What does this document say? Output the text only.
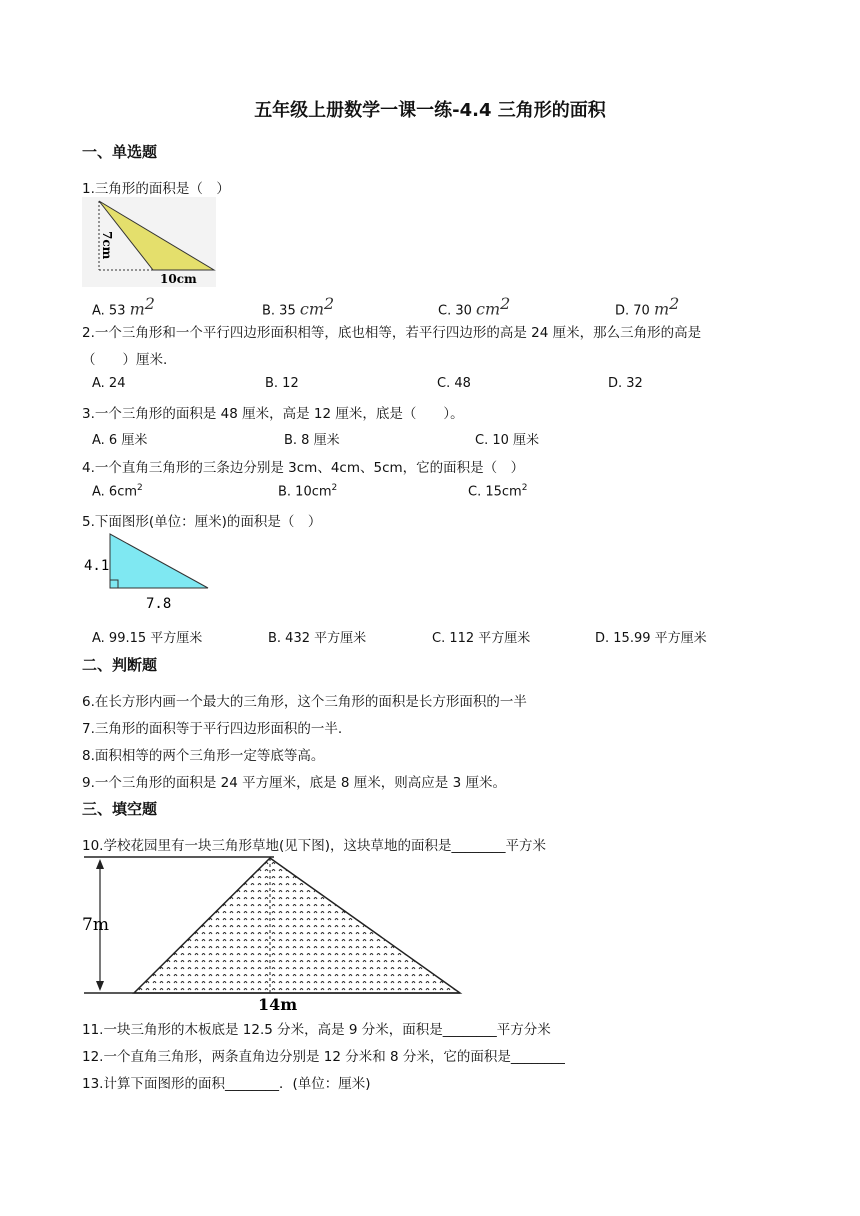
五年级上册数学一课一练-4.4 三角形的面积
一、单选题
1.三角形的面积是（　）
7cm
10cm
A. 53 $m^2$	B. 35 $cm^2$	C. 30 $cm^2$	D. 70 $m^2$
2.一个三角形和一个平行四边形面积相等，底也相等，若平行四边形的高是 24 厘米，那么三角形的高是
（　　）厘米.
A. 24	B. 12	C. 48	D. 32
3.一个三角形的面积是 48 厘米，高是 12 厘米，底是（　　）。
A. 6 厘米	B. 8 厘米	C. 10 厘米
4.一个直角三角形的三条边分别是 3cm、4cm、5cm，它的面积是（　）
A. $6cm^2$	B. $10cm^2$	C. $15cm^2$
5.下面图形(单位：厘米)的面积是（　）
4.1
7.8
A. 99.15 平方厘米	B. 432 平方厘米	C. 112 平方厘米	D. 15.99 平方厘米
二、判断题
6.在长方形内画一个最大的三角形，这个三角形的面积是长方形面积的一半
7.三角形的面积等于平行四边形面积的一半.
8.面积相等的两个三角形一定等底等高。
9.一个三角形的面积是 24 平方厘米，底是 8 厘米，则高应是 3 厘米。
三、填空题
10.学校花园里有一块三角形草地(见下图)，这块草地的面积是________平方米
7m
14m
11.一块三角形的木板底是 12.5 分米，高是 9 分米，面积是________平方分米
12.一个直角三角形，两条直角边分别是 12 分米和 8 分米，它的面积是________
13.计算下面图形的面积________．(单位：厘米)
